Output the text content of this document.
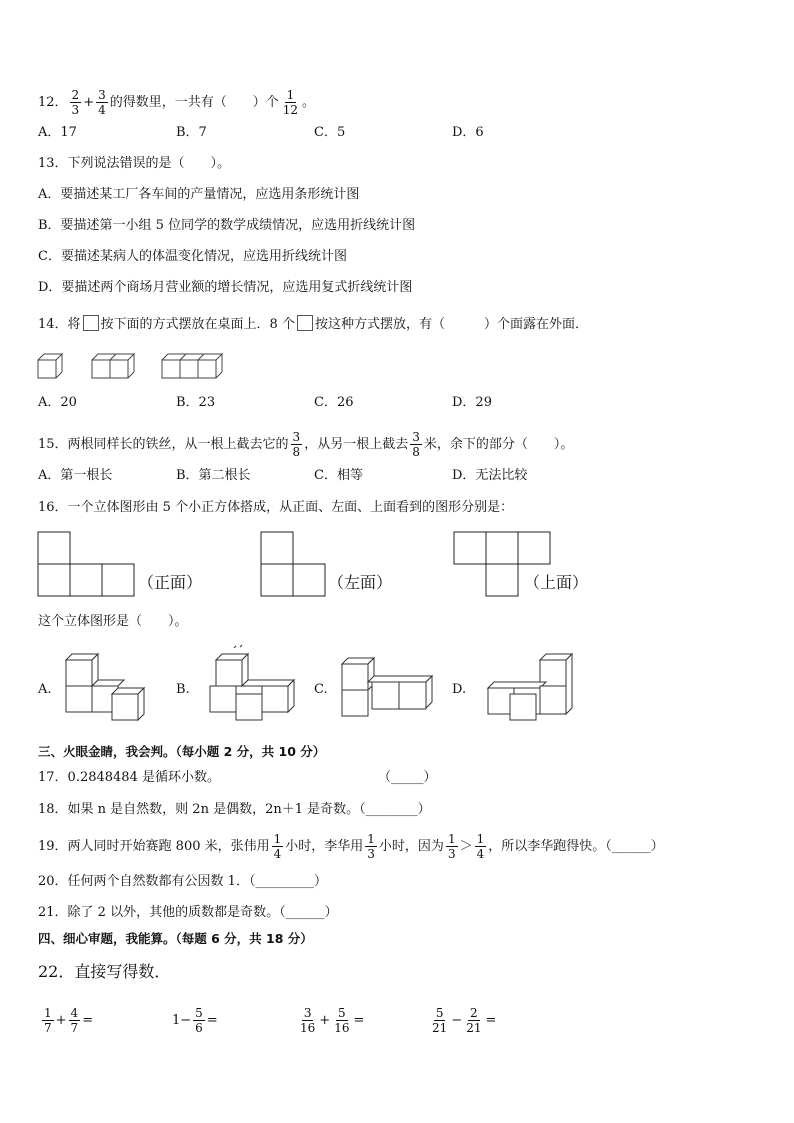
12． $\frac{2}{3} + \frac{3}{4}$ 的得数里，一共有（　　）个 $\frac{1}{12}$ 。
A．17	B．7	C．5	D．6
13．下列说法错误的是（　　）。
A．要描述某工厂各车间的产量情况，应选用条形统计图
B．要描述第一小组 5 位同学的数学成绩情况，应选用折线统计图
C．要描述某病人的体温变化情况，应选用折线统计图
D．要描述两个商场月营业额的增长情况，应选用复式折线统计图
14．将 按下面的方式摆放在桌面上．8 个 按这种方式摆放，有（　　　）个面露在外面．
A．20	B．23	C．26	D．29
15．两根同样长的铁丝，从一根上截去它的 $\frac{3}{8}$ ，从另一根上截去 $\frac{3}{8}$ 米，余下的部分（　　）。
A．第一根长	B．第二根长	C．相等	D．无法比较
16．一个立体图形由 5 个小正方体搭成，从正面、左面、上面看到的图形分别是：
（正面）	（左面）	（上面）
这个立体图形是（　　）。
A.	B.	C.	D.
三、火眼金睛，我会判。（每小题 2 分，共 10 分）
17．0.2848484 是循环小数。	（_____）
18．如果 n 是自然数，则 2n 是偶数，2n＋1 是奇数。（________）
19．两人同时开始赛跑 800 米，张伟用 $\frac{1}{4}$ 小时，李华用 $\frac{1}{3}$ 小时，因为 $\frac{1}{3} > \frac{1}{4}$ ，所以李华跑得快。（______）
20．任何两个自然数都有公因数 1．（_________）
21．除了 2 以外，其他的质数都是奇数。（______）
四、细心审题，我能算。（每题 6 分，共 18 分）
22．直接写得数．
$\frac{1}{7} + \frac{4}{7}$ =	$1- \frac{5}{6}$ =	$\frac{3}{16} + \frac{5}{16}$ =	$\frac{5}{21} - \frac{2}{21}$ =
